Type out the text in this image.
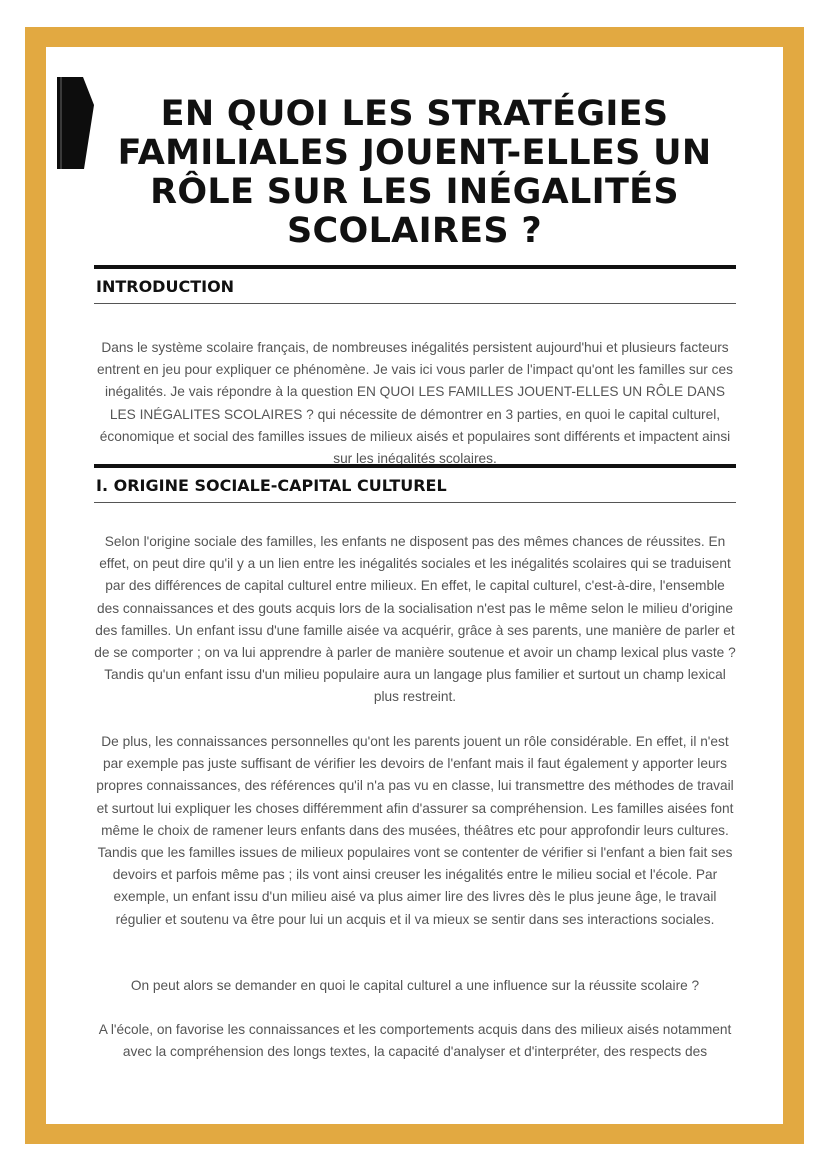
EN QUOI LES STRATÉGIES FAMILIALES JOUENT-ELLES UN RÔLE SUR LES INÉGALITÉS SCOLAIRES ?
INTRODUCTION

Dans le système scolaire français, de nombreuses inégalités persistent aujourd'hui et plusieurs facteurs entrent en jeu pour expliquer ce phénomène. Je vais ici vous parler de l'impact qu'ont les familles sur ces inégalités. Je vais répondre à la question EN QUOI LES FAMILLES JOUENT-ELLES UN RÔLE DANS LES INÉGALITES SCOLAIRES ? qui nécessite de démontrer en 3 parties, en quoi le capital culturel, économique et social des familles issues de milieux aisés et populaires sont différents et impactent ainsi sur les inégalités scolaires.

I. ORIGINE SOCIALE-CAPITAL CULTUREL

Selon l'origine sociale des familles, les enfants ne disposent pas des mêmes chances de réussites. En effet, on peut dire qu'il y a un lien entre les inégalités sociales et les inégalités scolaires qui se traduisent par des différences de capital culturel entre milieux. En effet, le capital culturel, c'est-à-dire, l'ensemble des connaissances et des gouts acquis lors de la socialisation n'est pas le même selon le milieu d'origine des familles. Un enfant issu d'une famille aisée va acquérir, grâce à ses parents, une manière de parler et de se comporter ; on va lui apprendre à parler de manière soutenue et avoir un champ lexical plus vaste ? Tandis qu'un enfant issu d'un milieu populaire aura un langage plus familier et surtout un champ lexical plus restreint.

De plus, les connaissances personnelles qu'ont les parents jouent un rôle considérable. En effet, il n'est par exemple pas juste suffisant de vérifier les devoirs de l'enfant mais il faut également y apporter leurs propres connaissances, des références qu'il n'a pas vu en classe, lui transmettre des méthodes de travail et surtout lui expliquer les choses différemment afin d'assurer sa compréhension. Les familles aisées font même le choix de ramener leurs enfants dans des musées, théâtres etc pour approfondir leurs cultures. Tandis que les familles issues de milieux populaires vont se contenter de vérifier si l'enfant a bien fait ses devoirs et parfois même pas ; ils vont ainsi creuser les inégalités entre le milieu social et l'école. Par exemple, un enfant issu d'un milieu aisé va plus aimer lire des livres dès le plus jeune âge, le travail régulier et soutenu va être pour lui un acquis et il va mieux se sentir dans ses interactions sociales.

On peut alors se demander en quoi le capital culturel a une influence sur la réussite scolaire ?

A l'école, on favorise les connaissances et les comportements acquis dans des milieux aisés notamment avec la compréhension des longs textes, la capacité d'analyser et d'interpréter, des respects des
